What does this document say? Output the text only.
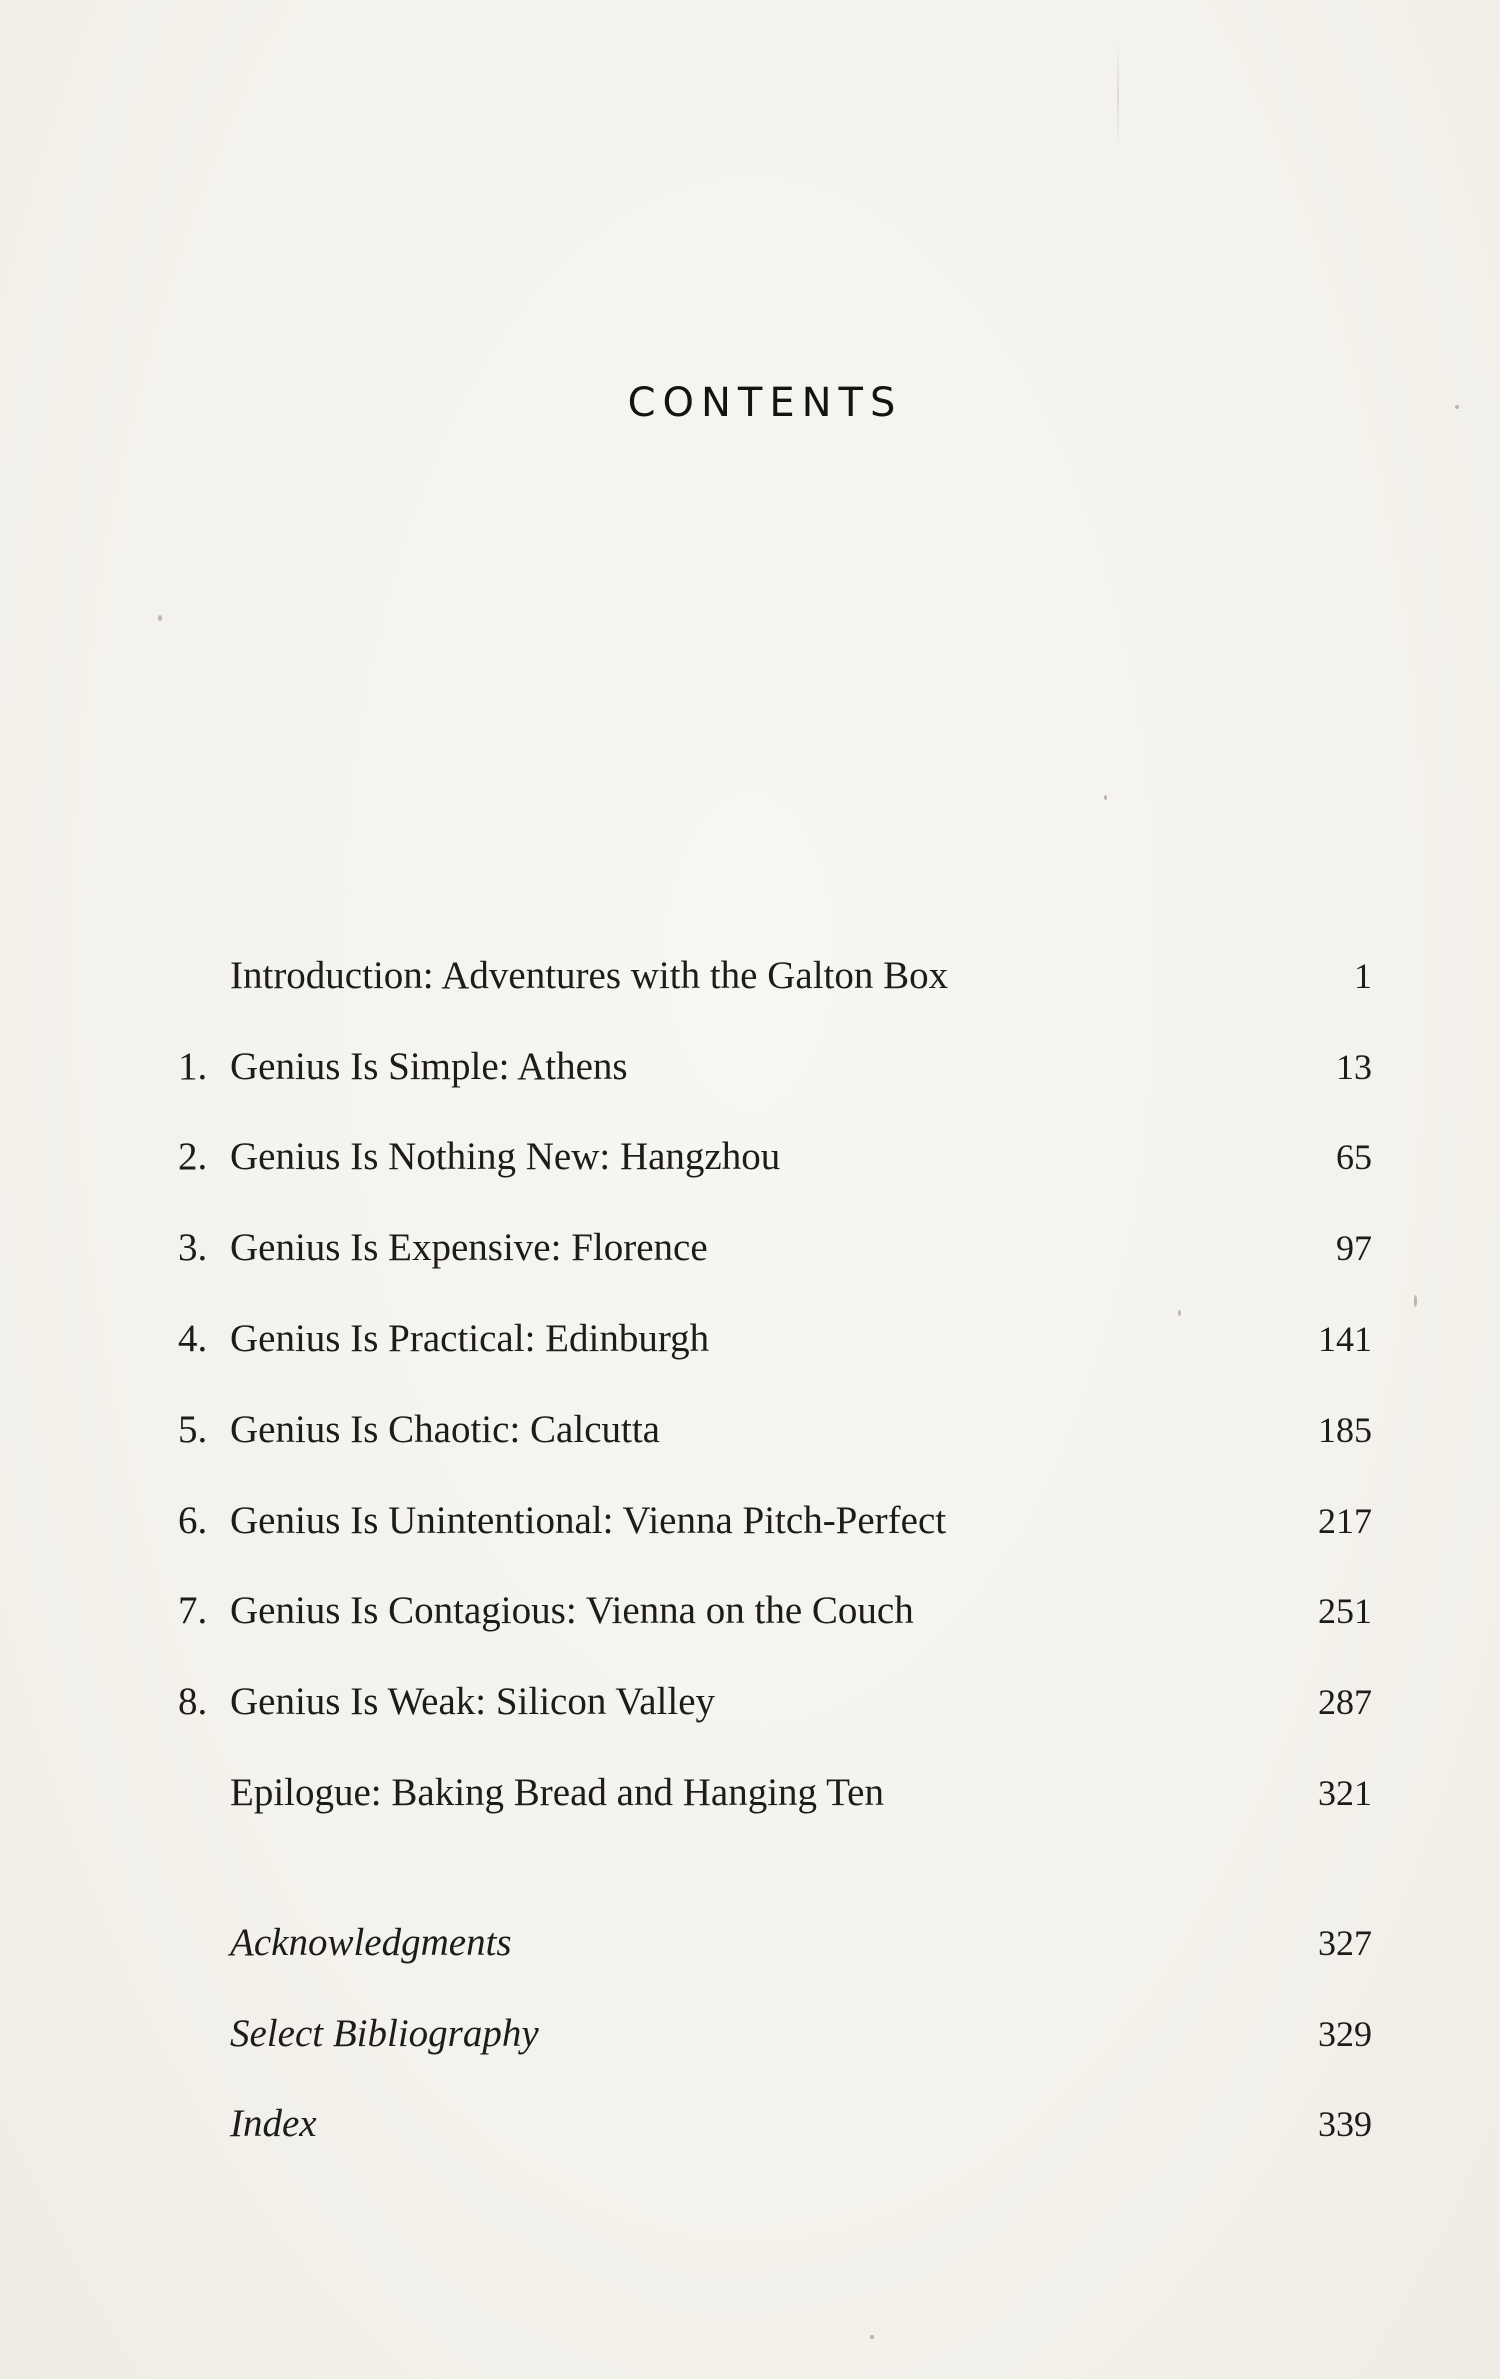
CONTENTS
Introduction: Adventures with the Galton Box	1
1. Genius Is Simple: Athens	13
2. Genius Is Nothing New: Hangzhou	65
3. Genius Is Expensive: Florence	97
4. Genius Is Practical: Edinburgh	141
5. Genius Is Chaotic: Calcutta	185
6. Genius Is Unintentional: Vienna Pitch-Perfect	217
7. Genius Is Contagious: Vienna on the Couch	251
8. Genius Is Weak: Silicon Valley	287
Epilogue: Baking Bread and Hanging Ten	321
Acknowledgments	327
Select Bibliography	329
Index	339
